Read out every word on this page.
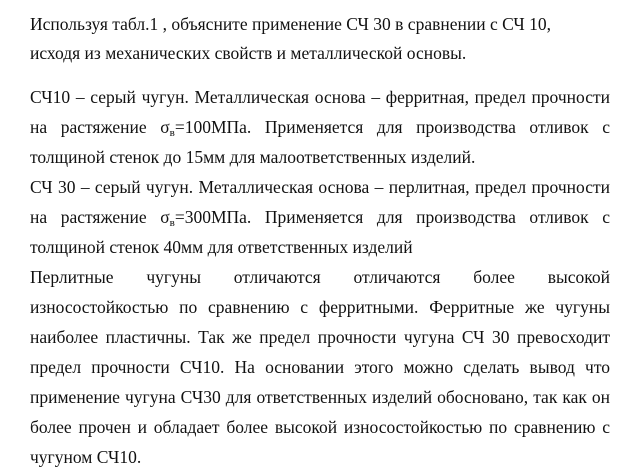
Используя табл.1 , объясните применение СЧ 30 в сравнении с СЧ 10,
исходя из механических свойств и металлической основы.

СЧ10 – серый чугун. Металлическая основа – ферритная, предел прочности на растяжение $\sigma_в=100МПа$. Применяется для производства отливок с толщиной стенок до 15мм для малоответственных изделий.

СЧ 30 – серый чугун. Металлическая основа – перлитная, предел прочности на растяжение $\sigma_в=300МПа$. Применяется для производства отливок с толщиной стенок 40мм для ответственных изделий

Перлитные чугуны отличаются отличаются более высокой износостойкостью по сравнению с ферритными. Ферритные же чугуны наиболее пластичны. Так же предел прочности чугуна СЧ 30 превосходит предел прочности СЧ10. На основании этого можно сделать вывод что применение чугуна СЧ30 для ответственных изделий обосновано, так как он более прочен и обладает более высокой износостойкостью по сравнению с чугуном СЧ10.
